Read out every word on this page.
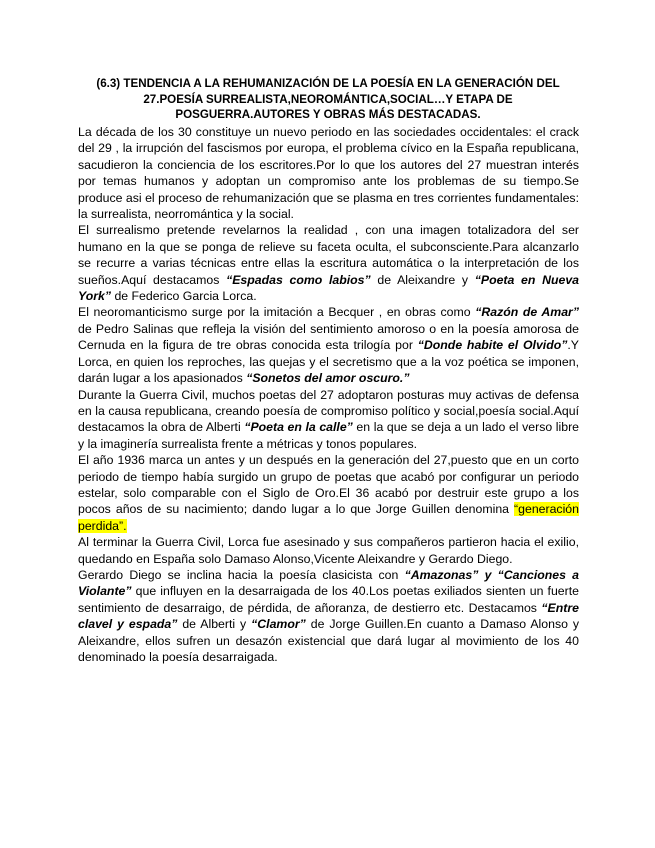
(6.3) TENDENCIA A LA REHUMANIZACIÓN DE LA POESÍA EN LA GENERACIÓN DEL 27.POESÍA SURREALISTA,NEOROMÁNTICA,SOCIAL…Y ETAPA DE POSGUERRA.AUTORES Y OBRAS MÁS DESTACADAS.

La década de los 30 constituye un nuevo periodo en las sociedades occidentales: el crack del 29 , la irrupción del fascismos por europa, el problema cívico en la España republicana, sacudieron la conciencia de los escritores.Por lo que los autores del 27 muestran interés por temas humanos y adoptan un compromiso ante los problemas de su tiempo.Se produce asi el proceso de rehumanización que se plasma en tres corrientes fundamentales: la surrealista, neorromántica y la social.

El surrealismo pretende revelarnos la realidad , con una imagen totalizadora del ser humano en la que se ponga de relieve su faceta oculta, el subconsciente.Para alcanzarlo se recurre a varias técnicas entre ellas la escritura automática o la interpretación de los sueños.Aquí destacamos “Espadas como labios” de Aleixandre y “Poeta en Nueva York” de Federico Garcia Lorca.

El neoromanticismo surge por la imitación a Becquer , en obras como “Razón de Amar” de Pedro Salinas que refleja la visión del sentimiento amoroso o en la poesía amorosa de Cernuda en la figura de tre obras conocida esta trilogía por “Donde habite el Olvido”.Y Lorca, en quien los reproches, las quejas y el secretismo que a la voz poética se imponen, darán lugar a los apasionados “Sonetos del amor oscuro.”

Durante la Guerra Civil, muchos poetas del 27 adoptaron posturas muy activas de defensa en la causa republicana, creando poesía de compromiso político y social,poesía social.Aquí destacamos la obra de Alberti “Poeta en la calle” en la que se deja a un lado el verso libre y la imaginería surrealista frente a métricas y tonos populares.

El año 1936 marca un antes y un después en la generación del 27,puesto que en un corto periodo de tiempo había surgido un grupo de poetas que acabó por configurar un periodo estelar, solo comparable con el Siglo de Oro.El 36 acabó por destruir este grupo a los pocos años de su nacimiento; dando lugar a lo que Jorge Guillen denomina “generación perdida”.

Al terminar la Guerra Civil, Lorca fue asesinado y sus compañeros partieron hacia el exilio, quedando en España solo Damaso Alonso,Vicente Aleixandre y Gerardo Diego.

Gerardo Diego se inclina hacia la poesía clasicista con “Amazonas” y “Canciones a Violante” que influyen en la desarraigada de los 40.Los poetas exiliados sienten un fuerte sentimiento de desarraigo, de pérdida, de añoranza, de destierro etc. Destacamos “Entre clavel y espada” de Alberti y “Clamor” de Jorge Guillen.En cuanto a Damaso Alonso y Aleixandre, ellos sufren un desazón existencial que dará lugar al movimiento de los 40 denominado la poesía desarraigada.
